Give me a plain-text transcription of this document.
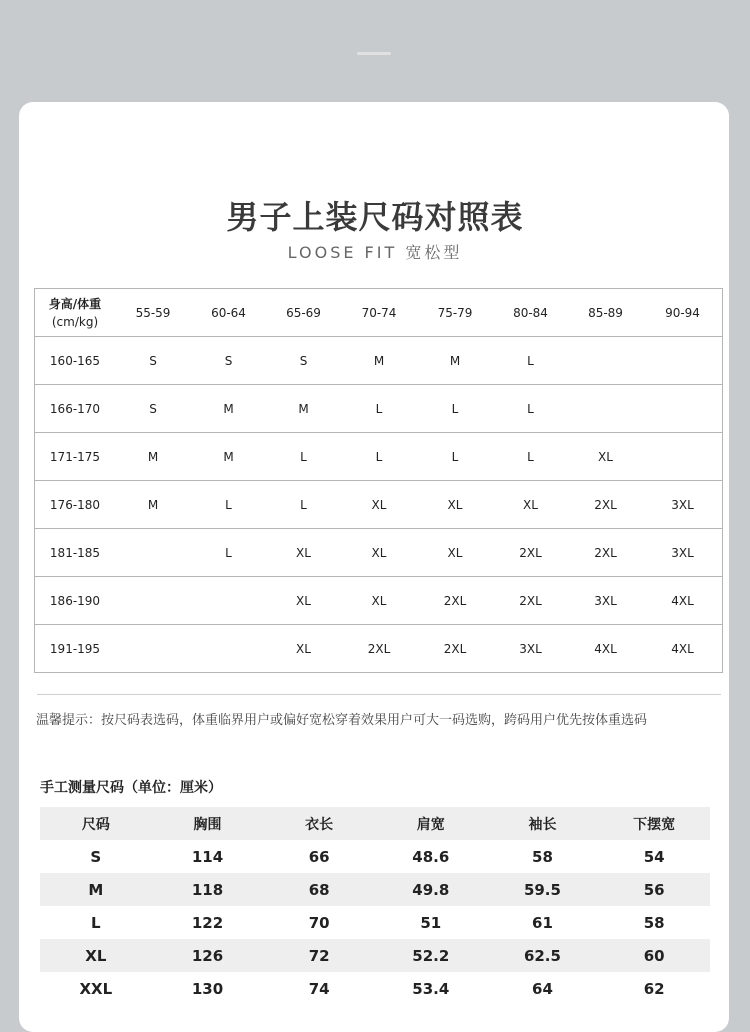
男子上装尺码对照表
LOOSE FIT 宽松型
身高/体重
(cm/kg)	55-59	60-64	65-69	70-74	75-79	80-84	85-89	90-94
160-165	S	S	S	M	M	L		
166-170	S	M	M	L	L	L		
171-175	M	M	L	L	L	L	XL	
176-180	M	L	L	XL	XL	XL	2XL	3XL
181-185		L	XL	XL	XL	2XL	2XL	3XL
186-190			XL	XL	2XL	2XL	3XL	4XL
191-195			XL	2XL	2XL	3XL	4XL	4XL
温馨提示：按尺码表选码，体重临界用户或偏好宽松穿着效果用户可大一码选购，跨码用户优先按体重选码
手工测量尺码（单位：厘米）
尺码	胸围	衣长	肩宽	袖长	下摆宽
S	114	66	48.6	58	54
M	118	68	49.8	59.5	56
L	122	70	51	61	58
XL	126	72	52.2	62.5	60
XXL	130	74	53.4	64	62
